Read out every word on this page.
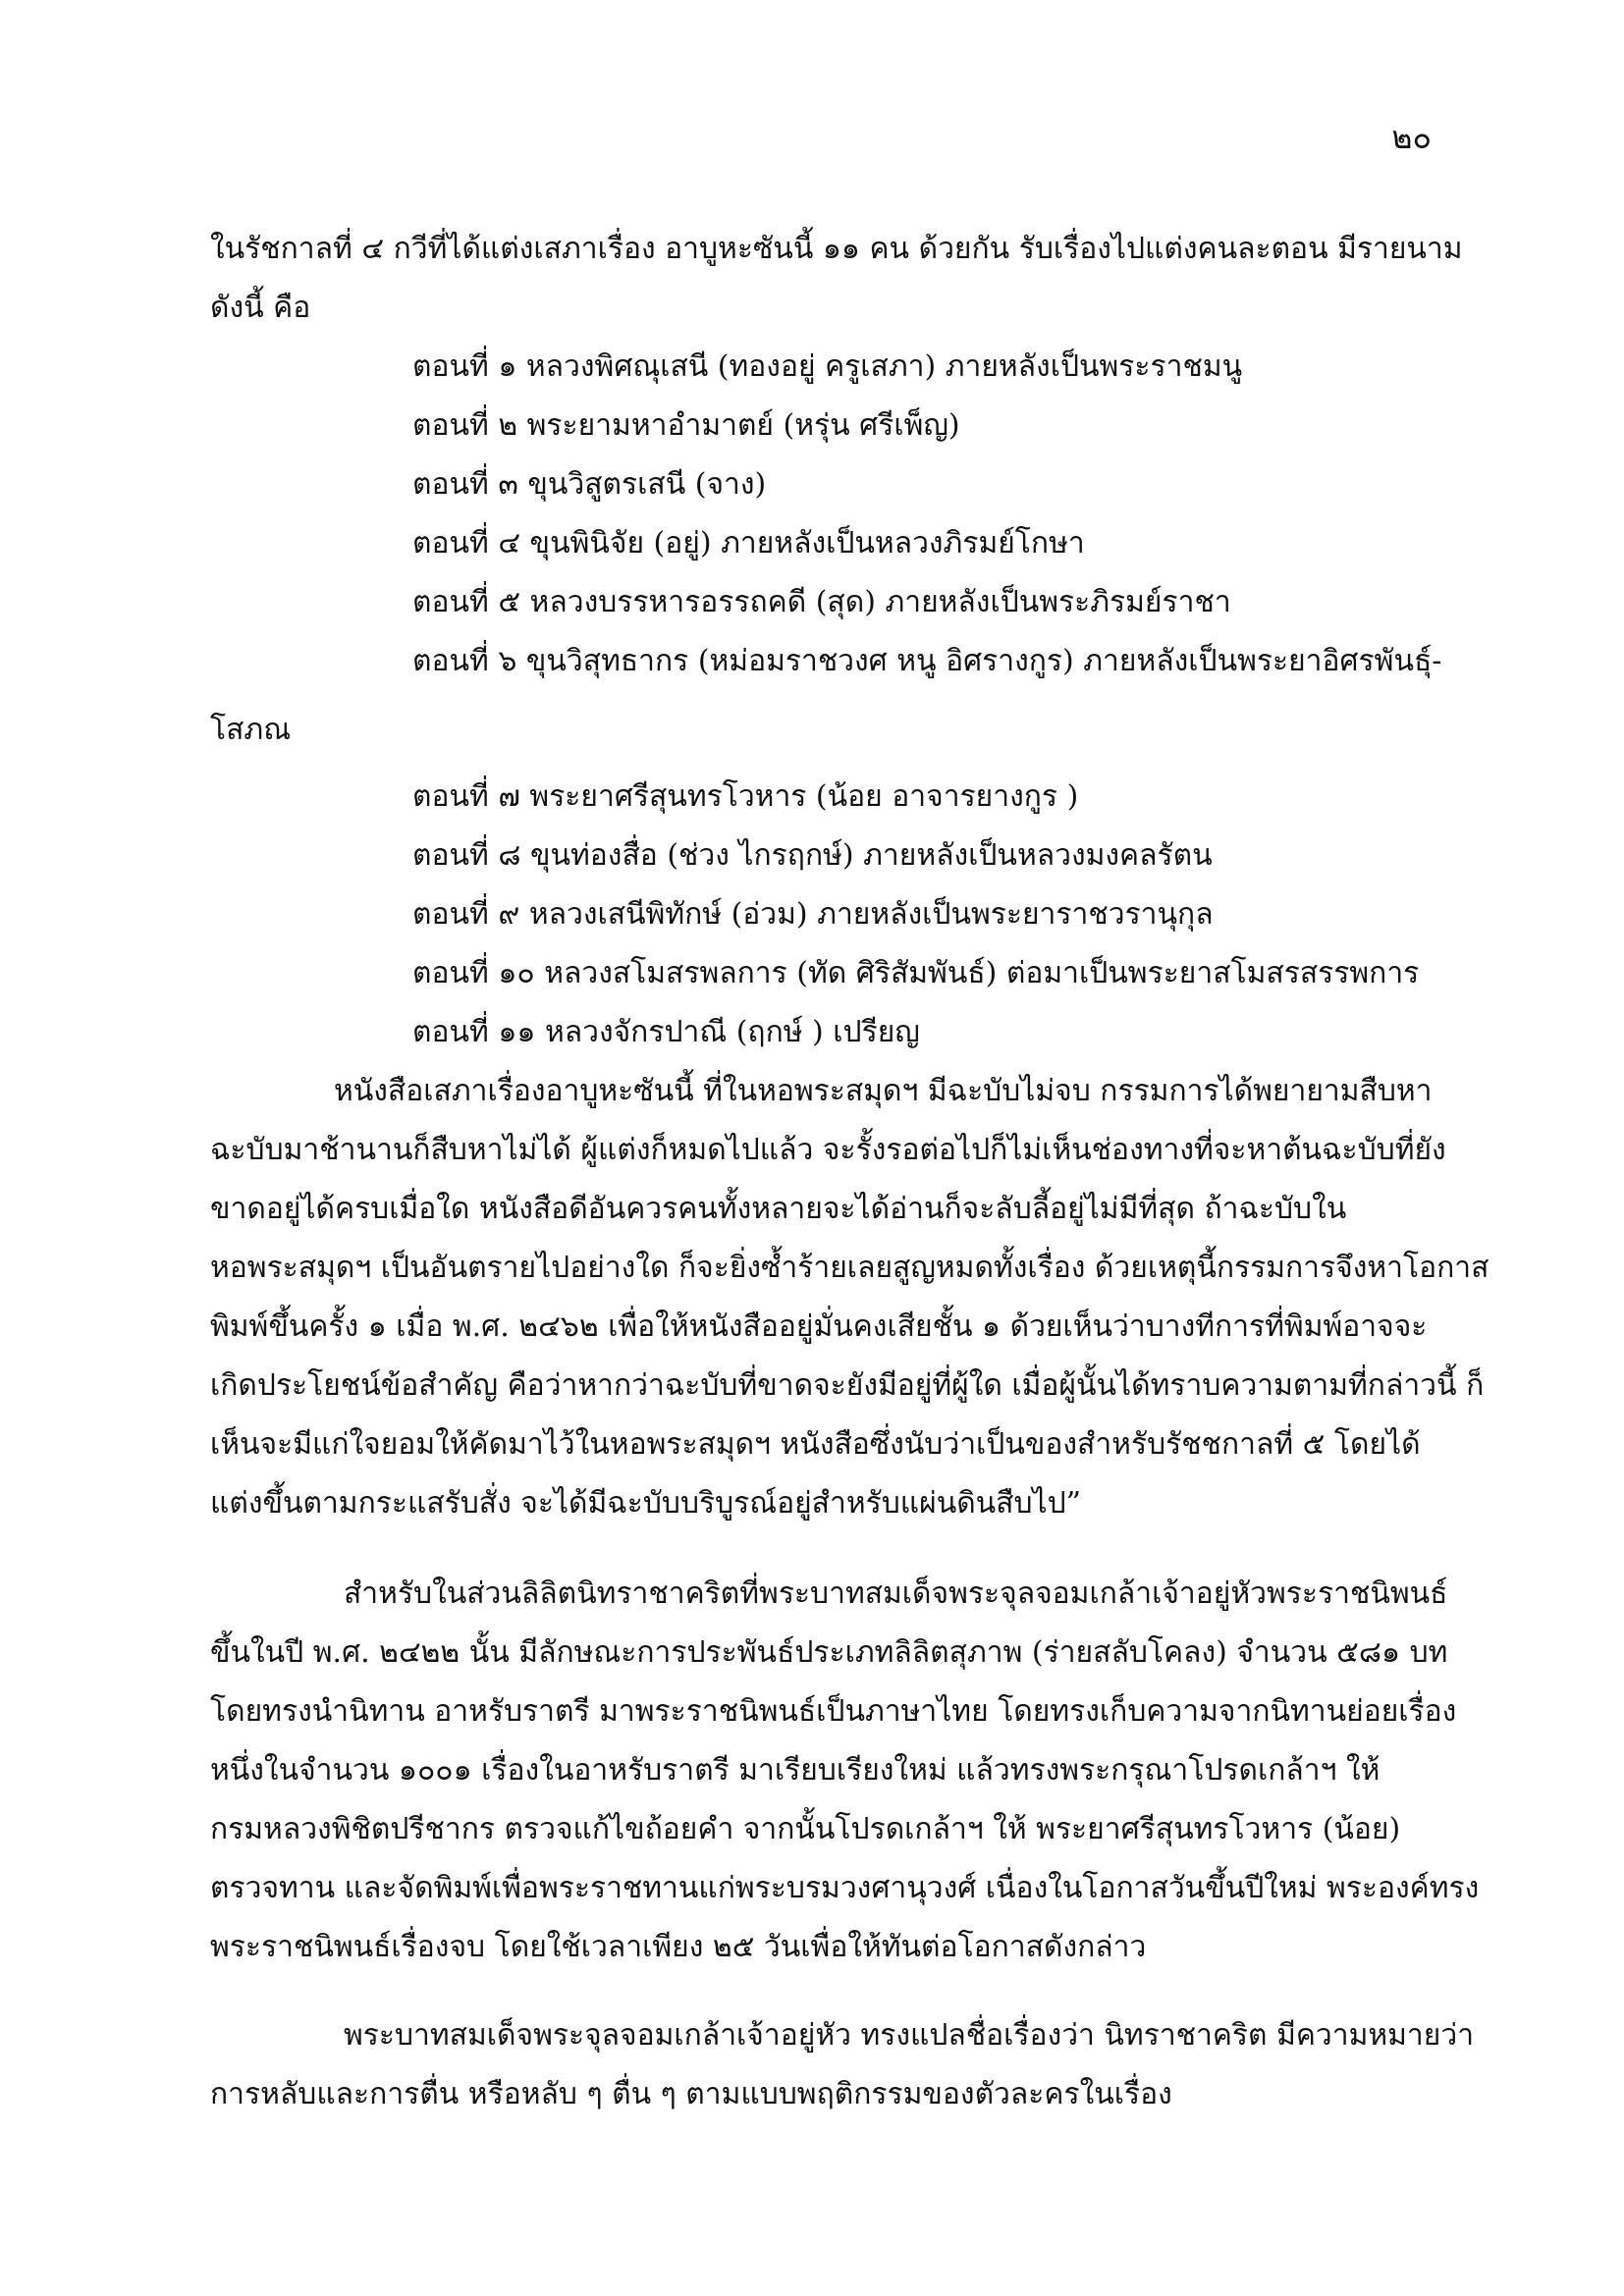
๒๐
ในรัชกาลที่ ๔ กวีที่ได้แต่งเสภาเรื่อง อาบูหะซันนี้ ๑๑ คน ด้วยกัน รับเรื่องไปแต่งคนละตอน มีรายนาม
ดังนี้ คือ
ตอนที่ ๑ หลวงพิศณุเสนี (ทองอยู่ ครูเสภา) ภายหลังเป็นพระราชมนู
ตอนที่ ๒ พระยามหาอำมาตย์ (หรุ่น ศรีเพ็ญ)
ตอนที่ ๓ ขุนวิสูตรเสนี (จาง)
ตอนที่ ๔ ขุนพินิจัย (อยู่) ภายหลังเป็นหลวงภิรมย์โกษา
ตอนที่ ๕ หลวงบรรหารอรรถคดี (สุด) ภายหลังเป็นพระภิรมย์ราชา
ตอนที่ ๖ ขุนวิสุทธากร (หม่อมราชวงศ หนู อิศรางกูร) ภายหลังเป็นพระยาอิศรพันธุ์-
โสภณ
ตอนที่ ๗ พระยาศรีสุนทรโวหาร (น้อย อาจารยางกูร )
ตอนที่ ๘ ขุนท่องสื่อ (ช่วง ไกรฤกษ์) ภายหลังเป็นหลวงมงคลรัตน
ตอนที่ ๙ หลวงเสนีพิทักษ์ (อ่วม) ภายหลังเป็นพระยาราชวรานุกุล
ตอนที่ ๑๐ หลวงสโมสรพลการ (ทัด ศิริสัมพันธ์) ต่อมาเป็นพระยาสโมสรสรรพการ
ตอนที่ ๑๑ หลวงจักรปาณี (ฤกษ์ ) เปรียญ
หนังสือเสภาเรื่องอาบูหะซันนี้ ที่ในหอพระสมุดฯ มีฉะบับไม่จบ กรรมการได้พยายามสืบหา
ฉะบับมาช้านานก็สืบหาไม่ได้ ผู้แต่งก็หมดไปแล้ว จะรั้งรอต่อไปก็ไม่เห็นช่องทางที่จะหาต้นฉะบับที่ยัง
ขาดอยู่ได้ครบเมื่อใด หนังสือดีอันควรคนทั้งหลายจะได้อ่านก็จะลับลี้อยู่ไม่มีที่สุด ถ้าฉะบับใน
หอพระสมุดฯ เป็นอันตรายไปอย่างใด ก็จะยิ่งซ้ำร้ายเลยสูญหมดทั้งเรื่อง ด้วยเหตุนี้กรรมการจึงหาโอกาส
พิมพ์ขึ้นครั้ง ๑ เมื่อ พ.ศ. ๒๔๖๒ เพื่อให้หนังสืออยู่มั่นคงเสียชั้น ๑ ด้วยเห็นว่าบางทีการที่พิมพ์อาจจะ
เกิดประโยชน์ข้อสำคัญ คือว่าหากว่าฉะบับที่ขาดจะยังมีอยู่ที่ผู้ใด เมื่อผู้นั้นได้ทราบความตามที่กล่าวนี้ ก็
เห็นจะมีแก่ใจยอมให้คัดมาไว้ในหอพระสมุดฯ หนังสือซึ่งนับว่าเป็นของสำหรับรัชชกาลที่ ๕ โดยได้
แต่งขึ้นตามกระแสรับสั่ง จะได้มีฉะบับบริบูรณ์อยู่สำหรับแผ่นดินสืบไป”
สำหรับในส่วนลิลิตนิทราชาคริตที่พระบาทสมเด็จพระจุลจอมเกล้าเจ้าอยู่หัวพระราชนิพนธ์
ขึ้นในปี พ.ศ. ๒๔๒๒ นั้น มีลักษณะการประพันธ์ประเภทลิลิตสุภาพ (ร่ายสลับโคลง) จำนวน ๕๘๑ บท
โดยทรงนำนิทาน อาหรับราตรี มาพระราชนิพนธ์เป็นภาษาไทย โดยทรงเก็บความจากนิทานย่อยเรื่อง
หนึ่งในจำนวน ๑๐๐๑ เรื่องในอาหรับราตรี มาเรียบเรียงใหม่ แล้วทรงพระกรุณาโปรดเกล้าฯ ให้
กรมหลวงพิชิตปรีชากร ตรวจแก้ไขถ้อยคำ จากนั้นโปรดเกล้าฯ ให้ พระยาศรีสุนทรโวหาร (น้อย)
ตรวจทาน และจัดพิมพ์เพื่อพระราชทานแก่พระบรมวงศานุวงศ์ เนื่องในโอกาสวันขึ้นปีใหม่ พระองค์ทรง
พระราชนิพนธ์เรื่องจบ โดยใช้เวลาเพียง ๒๕ วันเพื่อให้ทันต่อโอกาสดังกล่าว
พระบาทสมเด็จพระจุลจอมเกล้าเจ้าอยู่หัว ทรงแปลชื่อเรื่องว่า นิทราชาคริต มีความหมายว่า
การหลับและการตื่น หรือหลับ ๆ ตื่น ๆ ตามแบบพฤติกรรมของตัวละครในเรื่อง
